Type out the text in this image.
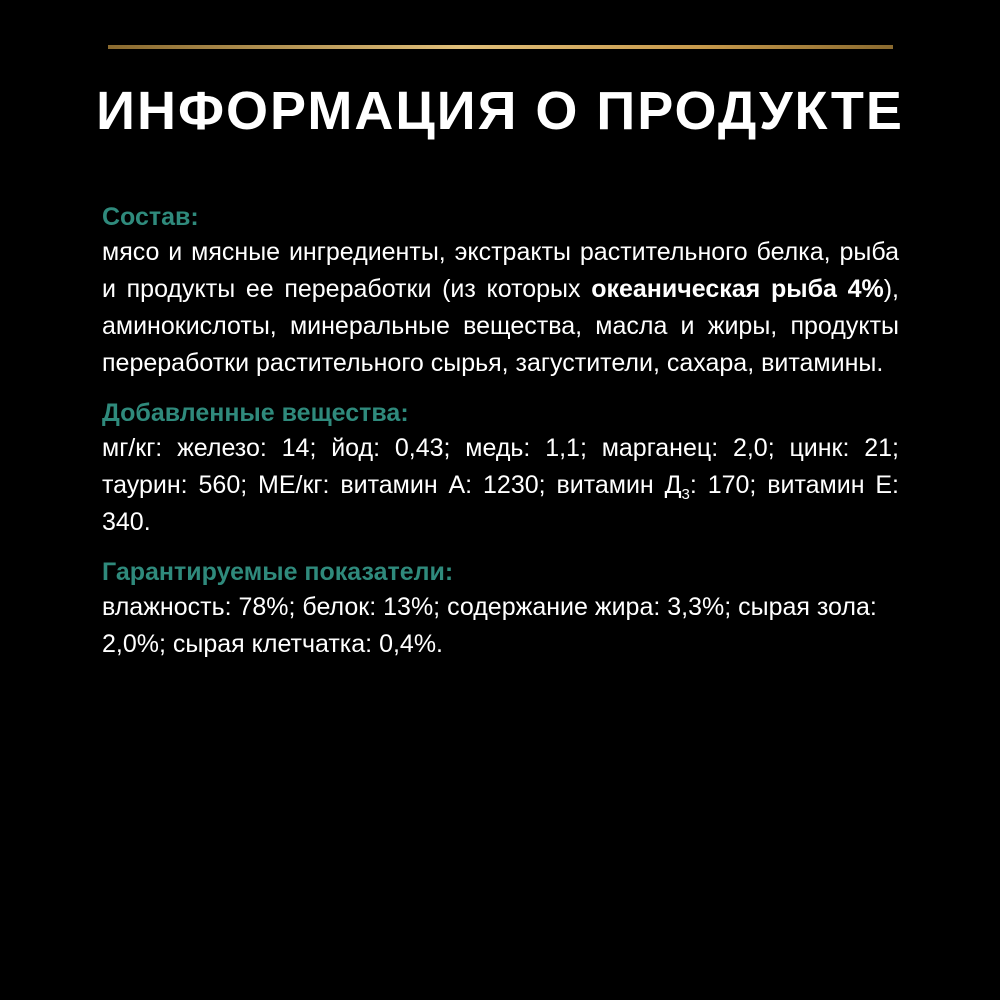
ИНФОРМАЦИЯ О ПРОДУКТЕ

Состав:

мясо и мясные ингредиенты, экстракты растительного белка, рыба и продукты ее переработки (из которых океаническая рыба 4%), аминокислоты, минеральные вещества, масла и жиры, продукты переработки растительного сырья, загустители, сахара, витамины.

Добавленные вещества:

мг/кг: железо: 14; йод: 0,43; медь: 1,1; марганец: 2,0; цинк: 21; таурин: 560; МЕ/кг: витамин А: 1230; витамин $Д_3$: 170; витамин Е: 340.

Гарантируемые показатели:

влажность: 78%; белок: 13%; содержание жира: 3,3%; сырая зола: 2,0%; сырая клетчатка: 0,4%.
